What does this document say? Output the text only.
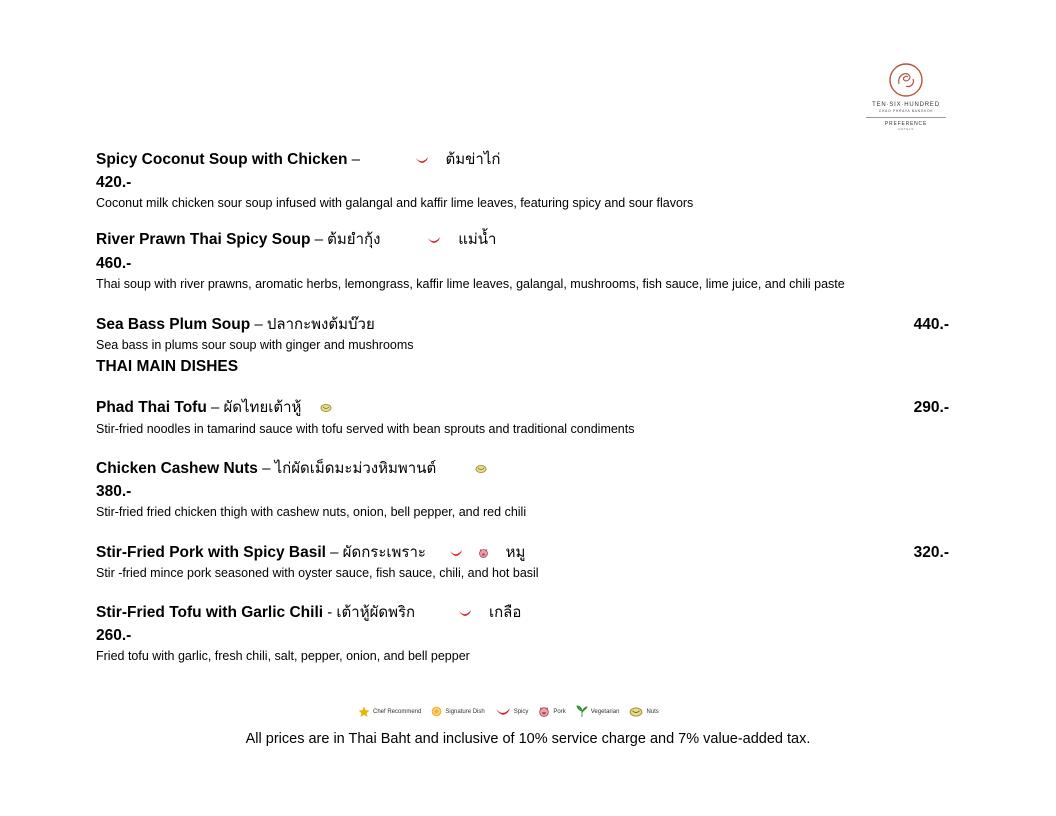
TEN·SIX·HUNDRED
CHAO PHRAYA BANGKOK
PREFERENCE
HOTELS
Spicy Coconut Soup with Chicken –	ต้มข่าไก่
420.-
Coconut milk chicken sour soup infused with galangal and kaffir lime leaves, featuring spicy and sour flavors
River Prawn Thai Spicy Soup – ต้มยำกุ้ง	แม่น้ำ
460.-
Thai soup with river prawns, aromatic herbs, lemongrass, kaffir lime leaves, galangal, mushrooms, fish sauce, lime juice, and chili paste
Sea Bass Plum Soup – ปลากะพงต้มบ๊วย	440.-
Sea bass in plums sour soup with ginger and mushrooms
THAI MAIN DISHES
Phad Thai Tofu – ผัดไทยเต้าหู้	290.-
Stir-fried noodles in tamarind sauce with tofu served with bean sprouts and traditional condiments
Chicken Cashew Nuts – ไก่ผัดเม็ดมะม่วงหิมพานต์
380.-
Stir-fried fried chicken thigh with cashew nuts, onion, bell pepper, and red chili
Stir-Fried Pork with Spicy Basil – ผัดกระเพราะ	หมู	320.-
Stir -fried mince pork seasoned with oyster sauce, fish sauce, chili, and hot basil
Stir-Fried Tofu with Garlic Chili - เต้าหู้ผัดพริก	เกลือ
260.-
Fried tofu with garlic, fresh chili, salt, pepper, onion, and bell pepper
Chef Recommend	Signature Dish	Spicy	Pork	Vegetarian	Nuts
All prices are in Thai Baht and inclusive of 10% service charge and 7% value-added tax.
